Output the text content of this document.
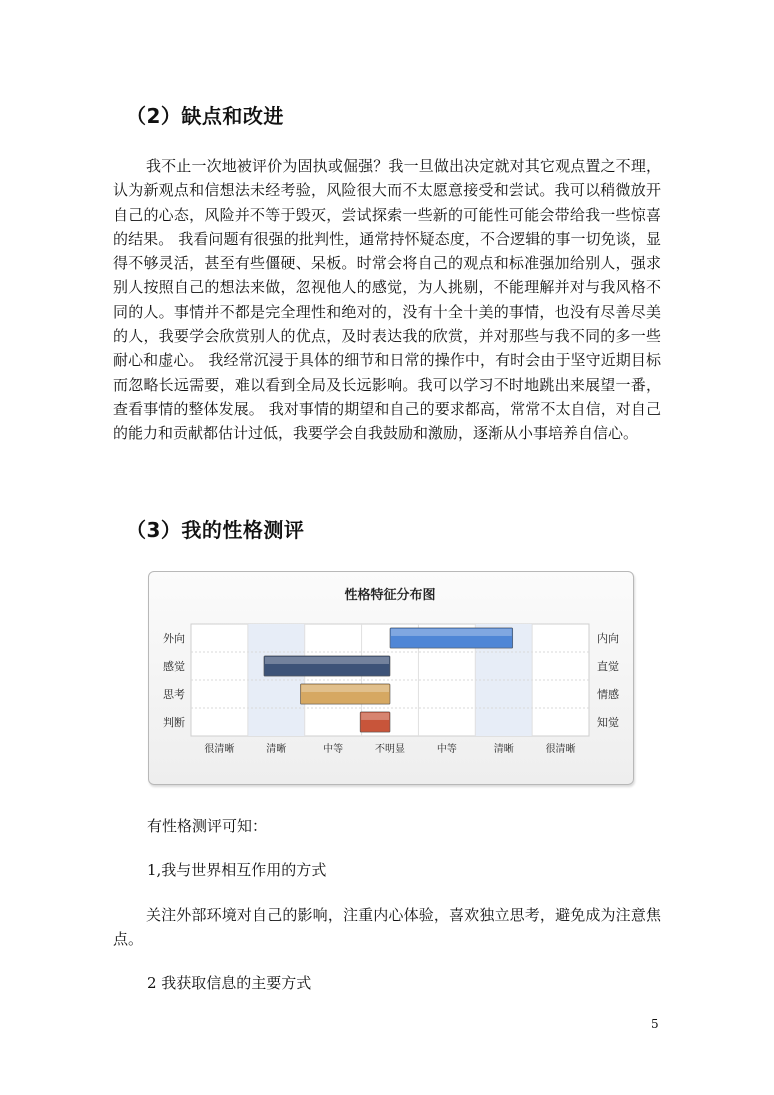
（2）缺点和改进

我不止一次地被评价为固执或倔强？我一旦做出决定就对其它观点置之不理，认为新观点和信想法未经考验，风险很大而不太愿意接受和尝试。我可以稍微放开自己的心态，风险并不等于毁灭，尝试探索一些新的可能性可能会带给我一些惊喜的结果。 我看问题有很强的批判性，通常持怀疑态度，不合逻辑的事一切免谈，显得不够灵活，甚至有些僵硬、呆板。时常会将自己的观点和标准强加给别人，强求别人按照自己的想法来做，忽视他人的感觉，为人挑剔，不能理解并对与我风格不同的人。事情并不都是完全理性和绝对的，没有十全十美的事情，也没有尽善尽美的人，我要学会欣赏别人的优点，及时表达我的欣赏，并对那些与我不同的多一些耐心和虚心。 我经常沉浸于具体的细节和日常的操作中，有时会由于坚守近期目标而忽略长远需要，难以看到全局及长远影响。我可以学习不时地跳出来展望一番，查看事情的整体发展。 我对事情的期望和自己的要求都高，常常不太自信，对自己的能力和贡献都估计过低，我要学会自我鼓励和激励，逐渐从小事培养自信心。

（3）我的性格测评
性格特征分布图
外向
感觉
思考
判断
内向
直觉
情感
知觉
很清晰	清晰	中等	不明显	中等	清晰	很清晰

有性格测评可知：

1,我与世界相互作用的方式

关注外部环境对自己的影响，注重内心体验，喜欢独立思考，避免成为注意焦点。

2 我获取信息的主要方式

5
